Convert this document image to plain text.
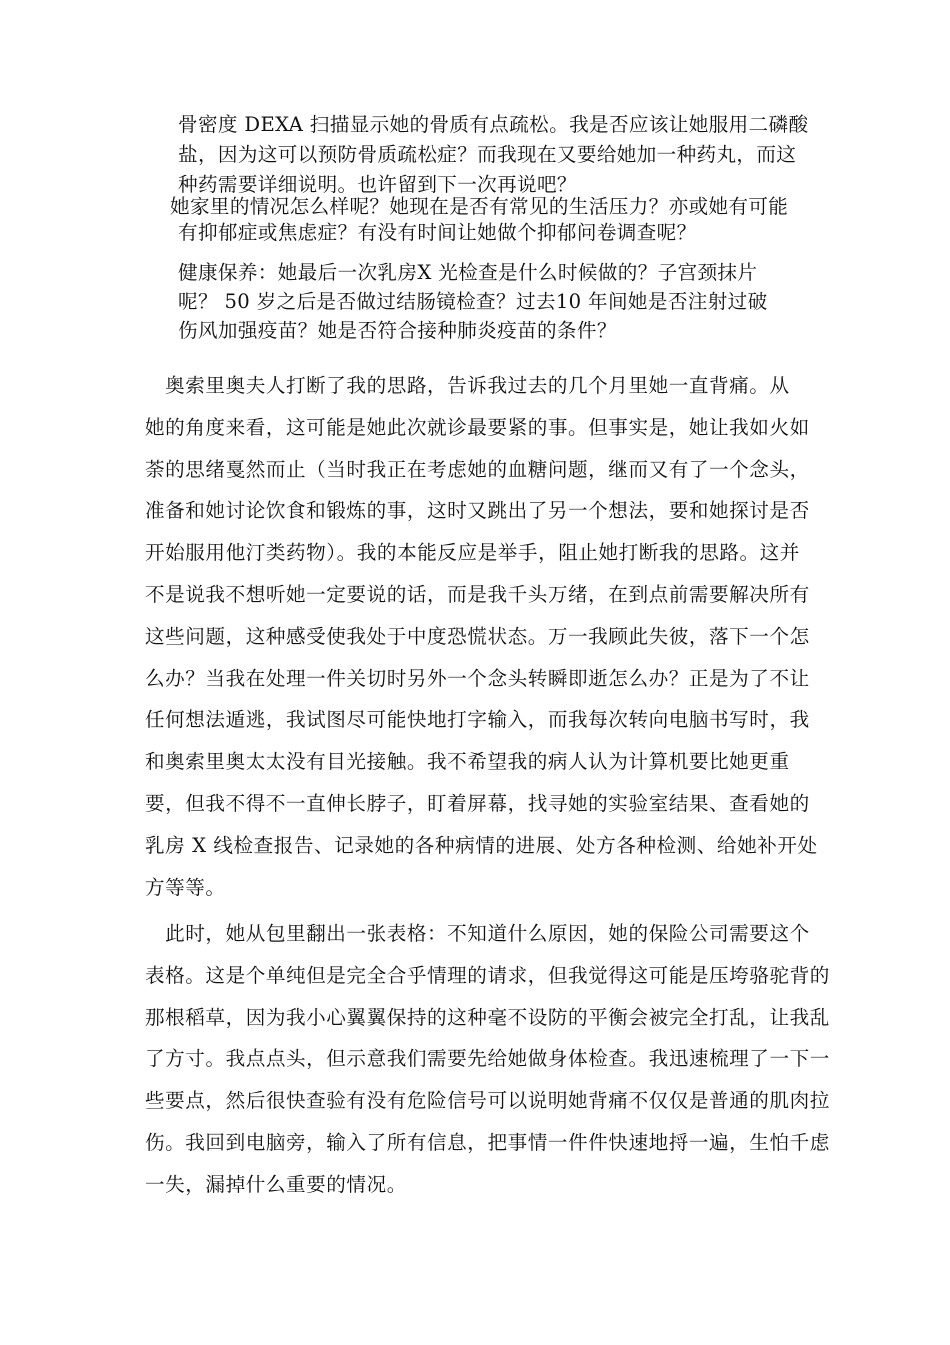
骨密度 DEXA 扫描显示她的骨质有点疏松。我是否应该让她服用二磷酸
盐，因为这可以预防骨质疏松症？而我现在又要给她加一种药丸，而这
种药需要详细说明。也许留到下一次再说吧？
她家里的情况怎么样呢？她现在是否有常见的生活压力？亦或她有可能
有抑郁症或焦虑症？有没有时间让她做个抑郁问卷调查呢？
健康保养：她最后一次乳房X 光检查是什么时候做的？子宫颈抹片
呢？ 50 岁之后是否做过结肠镜检查？过去10 年间她是否注射过破
伤风加强疫苗？她是否符合接种肺炎疫苗的条件？
　奥索里奥夫人打断了我的思路，告诉我过去的几个月里她一直背痛。从
她的角度来看，这可能是她此次就诊最要紧的事。但事实是，她让我如火如
荼的思绪戛然而止（当时我正在考虑她的血糖问题，继而又有了一个念头，
准备和她讨论饮食和锻炼的事，这时又跳出了另一个想法，要和她探讨是否
开始服用他汀类药物）。我的本能反应是举手，阻止她打断我的思路。这并
不是说我不想听她一定要说的话，而是我千头万绪，在到点前需要解决所有
这些问题，这种感受使我处于中度恐慌状态。万一我顾此失彼，落下一个怎
么办？当我在处理一件关切时另外一个念头转瞬即逝怎么办？正是为了不让
任何想法遁逃，我试图尽可能快地打字输入，而我每次转向电脑书写时，我
和奥索里奥太太没有目光接触。我不希望我的病人认为计算机要比她更重
要，但我不得不一直伸长脖子，盯着屏幕，找寻她的实验室结果、查看她的
乳房 X 线检查报告、记录她的各种病情的进展、处方各种检测、给她补开处
方等等。
　此时，她从包里翻出一张表格：不知道什么原因，她的保险公司需要这个
表格。这是个单纯但是完全合乎情理的请求，但我觉得这可能是压垮骆驼背的
那根稻草，因为我小心翼翼保持的这种毫不设防的平衡会被完全打乱，让我乱
了方寸。我点点头，但示意我们需要先给她做身体检查。我迅速梳理了一下一
些要点，然后很快查验有没有危险信号可以说明她背痛不仅仅是普通的肌肉拉
伤。我回到电脑旁，输入了所有信息，把事情一件件快速地捋一遍，生怕千虑
一失，漏掉什么重要的情况。
